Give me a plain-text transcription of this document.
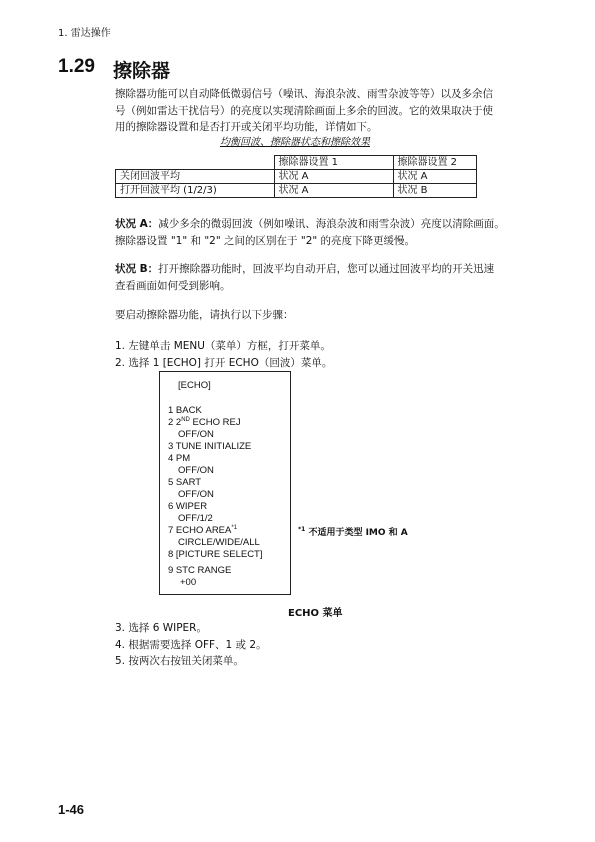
1. 雷达操作
1.29 擦除器
擦除器功能可以自动降低微弱信号（噪讯、海浪杂波、雨雪杂波等等）以及多余信
号（例如雷达干扰信号）的亮度以实现清除画面上多余的回波。它的效果取决于使
用的擦除器设置和是否打开或关闭平均功能，详情如下。
均衡回波、擦除器状态和擦除效果
	擦除器设置 1	擦除器设置 2
关闭回波平均	状况 A	状况 A
打开回波平均 (1/2/3)	状况 A	状况 B
状况 A：减少多余的微弱回波（例如噪讯、海浪杂波和雨雪杂波）亮度以清除画面。
擦除器设置 "1" 和 "2" 之间的区别在于 "2" 的亮度下降更缓慢。
状况 B：打开擦除器功能时，回波平均自动开启，您可以通过回波平均的开关迅速
查看画面如何受到影响。
要启动擦除器功能，请执行以下步骤：
1. 左键单击 MENU（菜单）方框，打开菜单。
2. 选择 1 [ECHO] 打开 ECHO（回波）菜单。
[ECHO]
1 BACK
2 2ND ECHO REJ
OFF/ON
3 TUNE INITIALIZE
4 PM
OFF/ON
5 SART
OFF/ON
6 WIPER
OFF/1/2
7 ECHO AREA$^{*1}$
CIRCLE/WIDE/ALL
8 [PICTURE SELECT]
9 STC RANGE
+00
$^{*1}$ 不适用于类型 IMO 和 A
ECHO 菜单
3. 选择 6 WIPER。
4. 根据需要选择 OFF、1 或 2。
5. 按两次右按钮关闭菜单。
1-46
